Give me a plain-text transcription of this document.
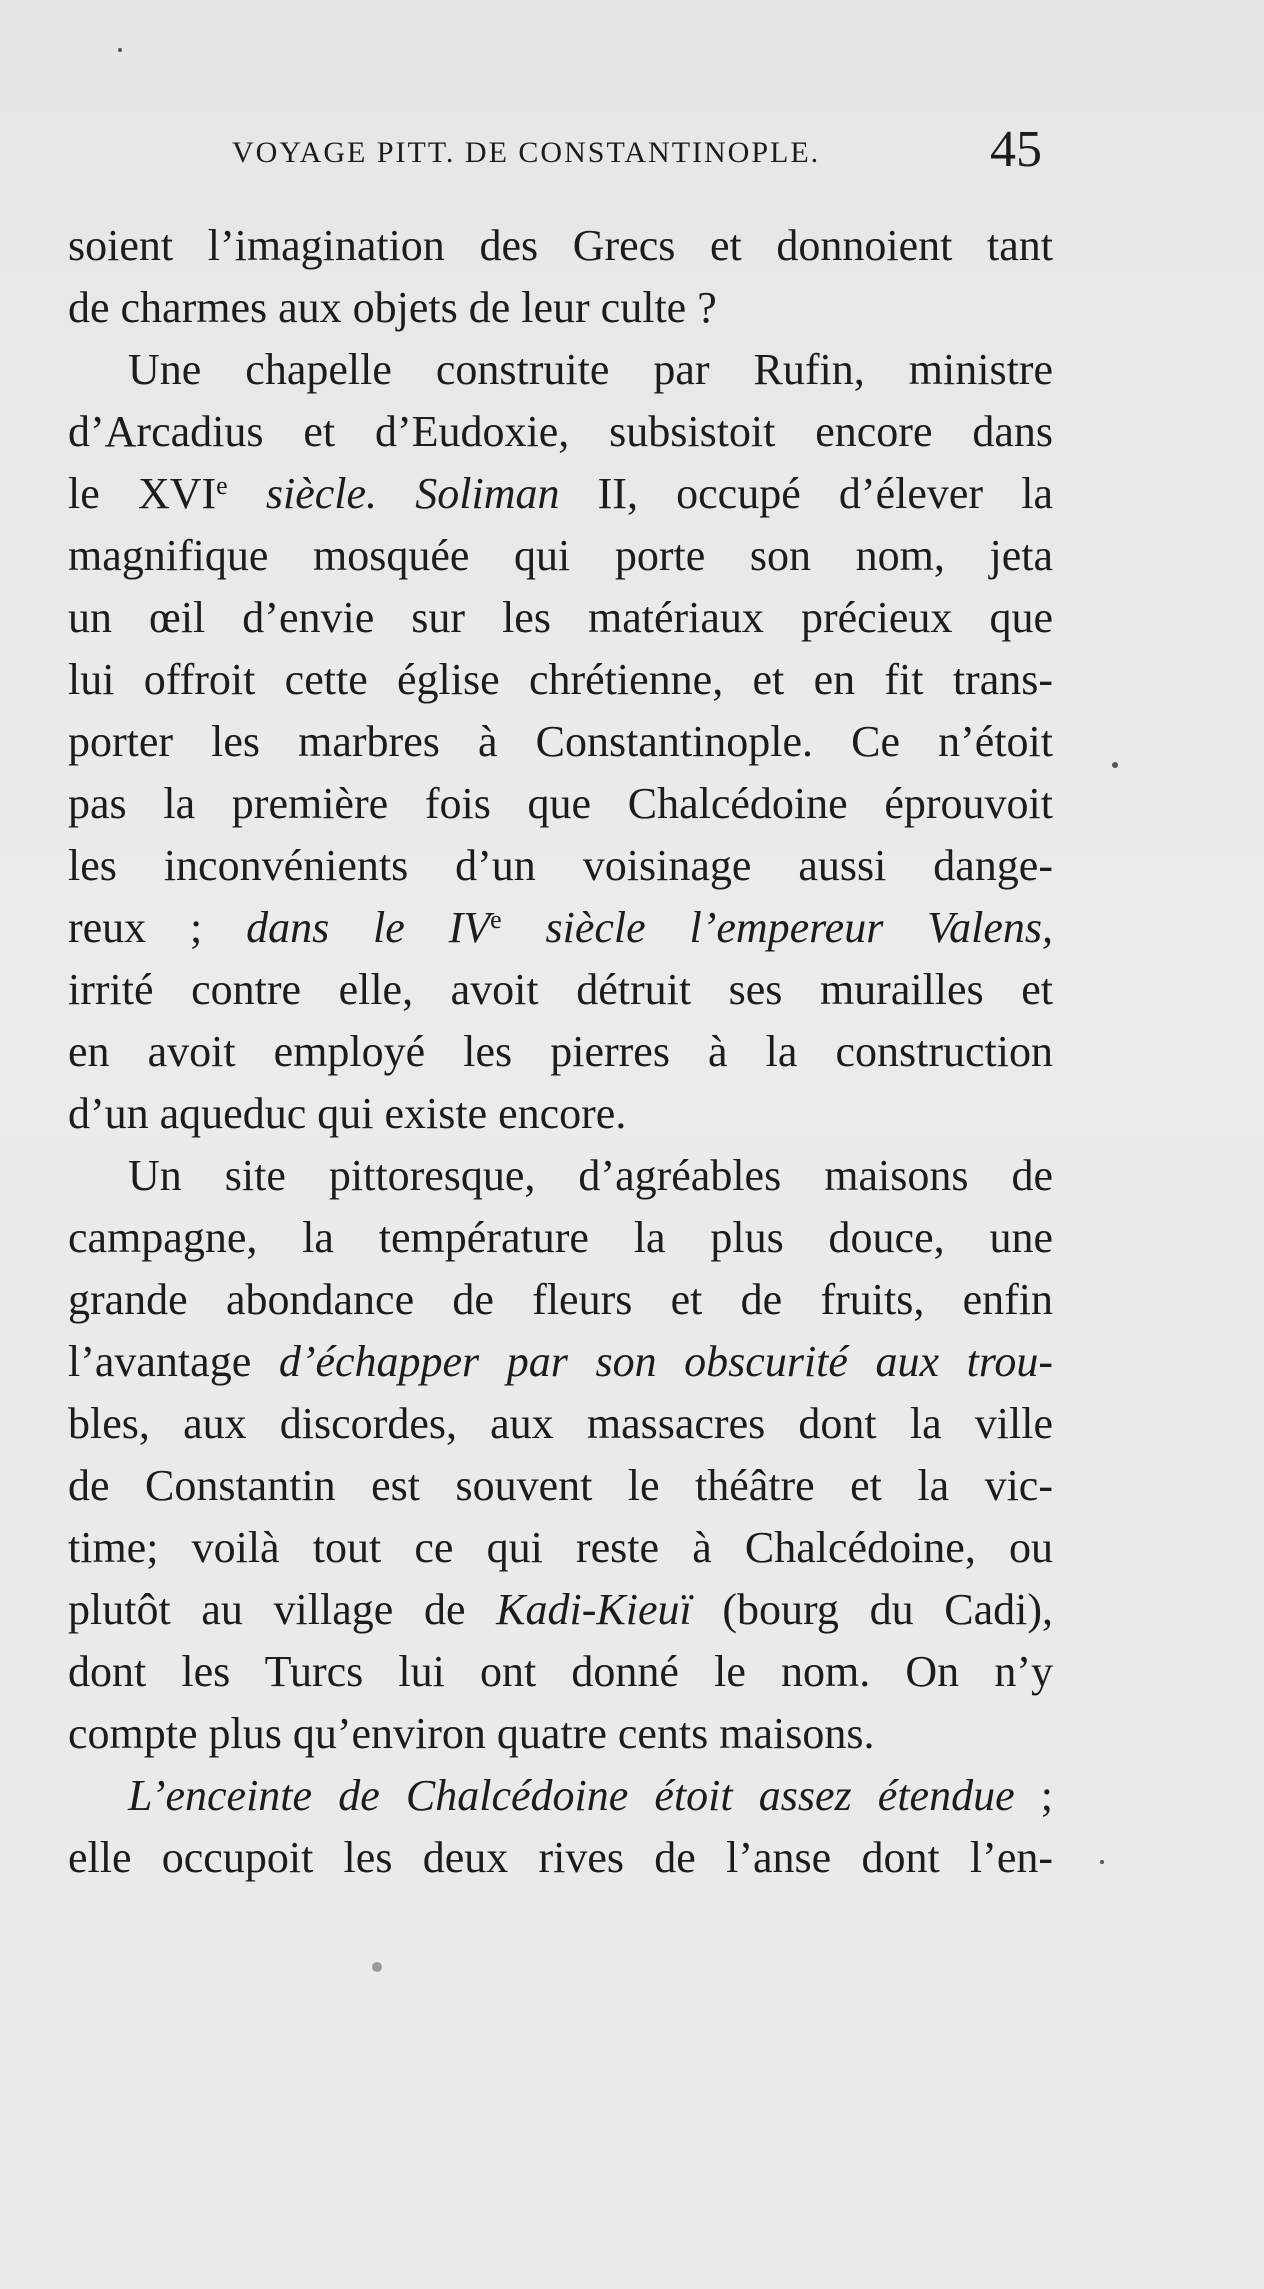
VOYAGE PITT. DE CONSTANTINOPLE.	45
soient l’imagination des Grecs et donnoient tant
de charmes aux objets de leur culte ?
Une chapelle construite par Rufin, ministre
d’Arcadius et d’Eudoxie, subsistoit encore dans
le XVIe siècle. Soliman II, occupé d’élever la
magnifique mosquée qui porte son nom, jeta
un œil d’envie sur les matériaux précieux que
lui offroit cette église chrétienne, et en fit trans-
porter les marbres à Constantinople. Ce n’étoit
pas la première fois que Chalcédoine éprouvoit
les inconvénients d’un voisinage aussi dange-
reux ; dans le IVe siècle l’empereur Valens,
irrité contre elle, avoit détruit ses murailles et
en avoit employé les pierres à la construction
d’un aqueduc qui existe encore.
Un site pittoresque, d’agréables maisons de
campagne, la température la plus douce, une
grande abondance de fleurs et de fruits, enfin
l’avantage d’échapper par son obscurité aux trou-
bles, aux discordes, aux massacres dont la ville
de Constantin est souvent le théâtre et la vic-
time; voilà tout ce qui reste à Chalcédoine, ou
plutôt au village de Kadi-Kieuï (bourg du Cadi),
dont les Turcs lui ont donné le nom. On n’y
compte plus qu’environ quatre cents maisons.
L’enceinte de Chalcédoine étoit assez étendue ;
elle occupoit les deux rives de l’anse dont l’en-
